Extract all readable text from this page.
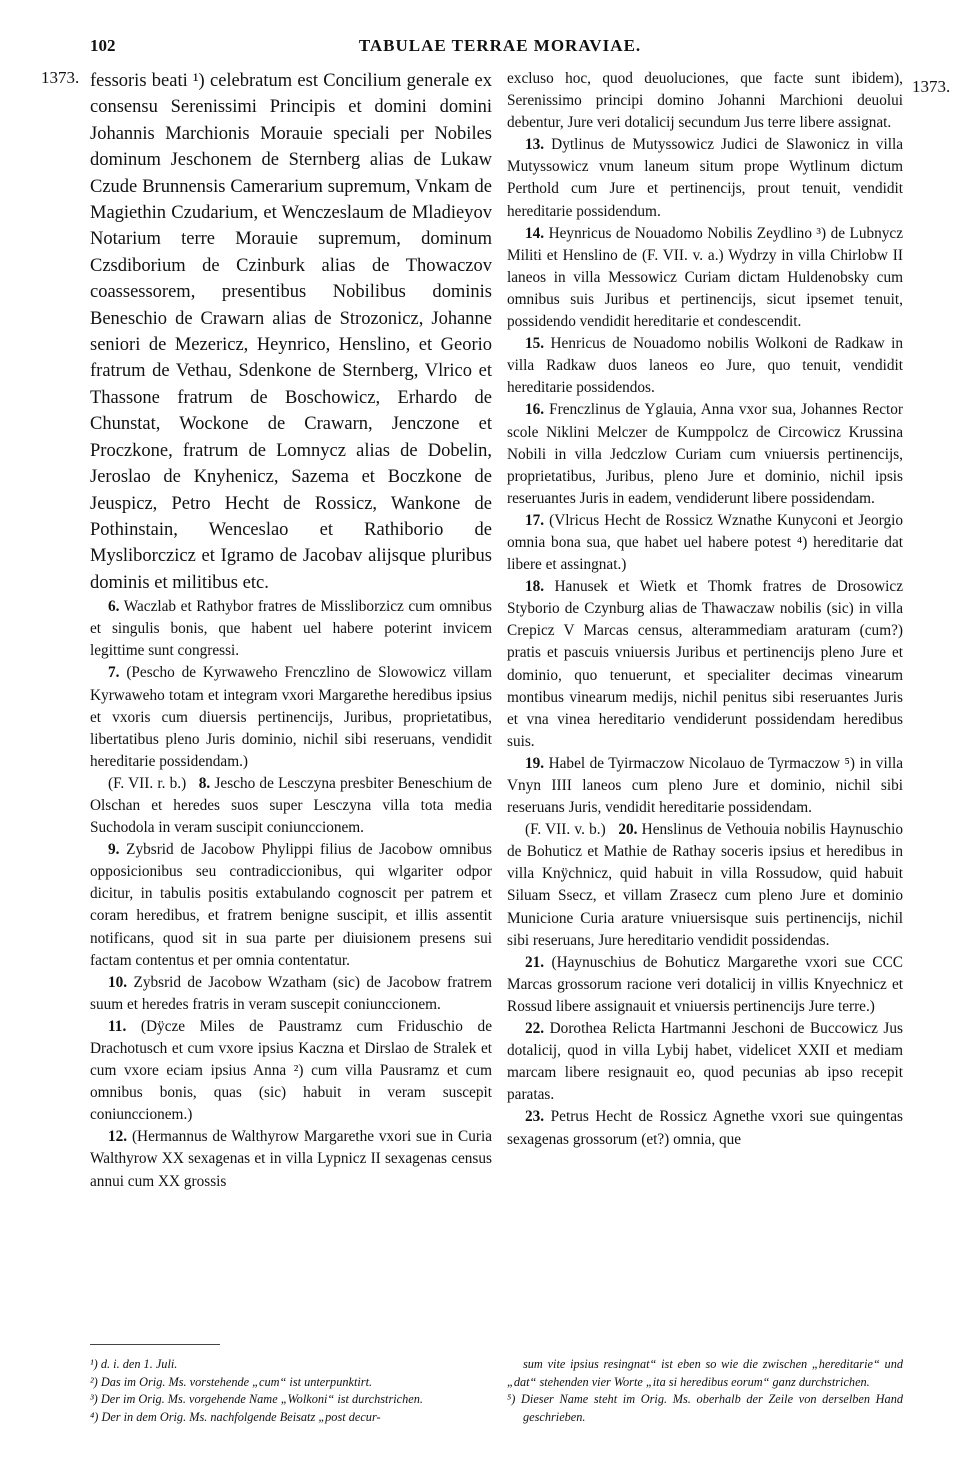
102	TABULAE TERRAE MORAVIAE.
1373.	1373.

fessoris beati ¹) celebratum est Concilium generale ex consensu Serenissimi Principis et domini domini Johannis Marchionis Morauie speciali per Nobiles dominum Jeschonem de Sternberg alias de Lukaw Czude Brunnensis Camerarium supremum, Vnkam de Magiethin Czudarium, et Wenczeslaum de Mladieyov Notarium terre Morauie supremum, dominum Czsdiborium de Czinburk alias de Thowaczov coassessorem, presentibus Nobilibus dominis Beneschio de Crawarn alias de Strozonicz, Johanne seniori de Mezericz, Heynrico, Henslino, et Georio fratrum de Vethau, Sdenkone de Sternberg, Vlrico et Thassone fratrum de Boschowicz, Erhardo de Chunstat, Wockone de Crawarn, Jenczone et Proczkone, fratrum de Lomnycz alias de Dobelin, Jeroslao de Knyhenicz, Sazema et Boczkone de Jeuspicz, Petro Hecht de Rossicz, Wankone de Pothinstain, Wenceslao et Rathiborio de Mysliborczicz et Igramo de Jacobav alijsque pluribus dominis et militibus etc.

6. Waczlab et Rathybor fratres de Missliborzicz cum omnibus et singulis bonis, que habent uel habere poterint invicem legittime sunt congressi.

7. (Pescho de Kyrwaweho Frenczlino de Slowowicz villam Kyrwaweho totam et integram vxori Margarethe heredibus ipsius et vxoris cum diuersis pertinencijs, Juribus, proprietatibus, libertatibus pleno Juris dominio, nichil sibi reseruans, vendidit hereditarie possidendam.)

(F. VII. r. b.) 8. Jescho de Lesczyna presbiter Beneschium de Olschan et heredes suos super Lesczyna villa tota media Suchodola in veram suscipit coniunccionem.

9. Zybsrid de Jacobow Phylippi filius de Jacobow omnibus opposicionibus seu contradiccionibus, qui wlgariter odpor dicitur, in tabulis positis extabulando cognoscit per patrem et coram heredibus, et fratrem benigne suscipit, et illis assentit notificans, quod sit in sua parte per diuisionem presens sui factam contentus et per omnia contentatur.

10. Zybsrid de Jacobow Wzatham (sic) de Jacobow fratrem suum et heredes fratris in veram suscepit coniunccionem.

11. (Dÿcze Miles de Paustramz cum Friduschio de Drachotusch et cum vxore ipsius Kaczna et Dirslao de Stralek et cum vxore eciam ipsius Anna ²) cum villa Pausramz et cum omnibus bonis, quas (sic) habuit in veram suscepit coniunccionem.)

12. (Hermannus de Walthyrow Margarethe vxori sue in Curia Walthyrow XX sexagenas et in villa Lypnicz II sexagenas census annui cum XX grossis

excluso hoc, quod deuoluciones, que facte sunt ibidem), Serenissimo principi domino Johanni Marchioni deuolui debentur, Jure veri dotalicij secundum Jus terre libere assignat.

13. Dytlinus de Mutyssowicz Judici de Slawonicz in villa Mutyssowicz vnum laneum situm prope Wytlinum dictum Perthold cum Jure et pertinencijs, prout tenuit, vendidit hereditarie possidendum.

14. Heynricus de Nouadomo Nobilis Zeydlino ³) de Lubnycz Militi et Henslino de (F. VII. v. a.) Wydrzy in villa Chirlobw II laneos in villa Messowicz Curiam dictam Huldenobsky cum omnibus suis Juribus et pertinencijs, sicut ipsemet tenuit, possidendo vendidit hereditarie et condescendit.

15. Henricus de Nouadomo nobilis Wolkoni de Radkaw in villa Radkaw duos laneos eo Jure, quo tenuit, vendidit hereditarie possidendos.

16. Frenczlinus de Yglauia, Anna vxor sua, Johannes Rector scole Niklini Melczer de Kumppolcz de Circowicz Krussina Nobili in villa Jedczlow Curiam cum vniuersis pertinencijs, proprietatibus, Juribus, pleno Jure et dominio, nichil ipsis reseruantes Juris in eadem, vendiderunt libere possidendam.

17. (Vlricus Hecht de Rossicz Wznathe Kunyconi et Jeorgio omnia bona sua, que habet uel habere potest ⁴) hereditarie dat libere et assingnat.)

18. Hanusek et Wietk et Thomk fratres de Drosowicz Styborio de Czynburg alias de Thawaczaw nobilis (sic) in villa Crepicz V Marcas census, alterammediam araturam (cum?) pratis et pascuis vniuersis Juribus et pertinencijs pleno Jure et dominio, quo tenuerunt, et specialiter decimas vinearum montibus vinearum medijs, nichil penitus sibi reseruantes Juris et vna vinea hereditario vendiderunt possidendam heredibus suis.

19. Habel de Tyirmaczow Nicolauo de Tyrmaczow ⁵) in villa Vnyn IIII laneos cum pleno Jure et dominio, nichil sibi reseruans Juris, vendidit hereditarie possidendam.

(F. VII. v. b.) 20. Henslinus de Vethouia nobilis Haynuschio de Bohuticz et Mathie de Rathay soceris ipsius et heredibus in villa Knÿchnicz, quid habuit in villa Rossudow, quid habuit Siluam Ssecz, et villam Zrasecz cum pleno Jure et dominio Municione Curia arature vniuersisque suis pertinencijs, nichil sibi reseruans, Jure hereditario vendidit possidendas.

21. (Haynuschius de Bohuticz Margarethe vxori sue CCC Marcas grossorum racione veri dotalicij in villis Knyechnicz et Rossud libere assignauit et vniuersis pertinencijs Jure terre.)

22. Dorothea Relicta Hartmanni Jeschoni de Buccowicz Jus dotalicij, quod in villa Lybij habet, videlicet XXII et mediam marcam libere resignauit eo, quod pecunias ab ipso recepit paratas.

23. Petrus Hecht de Rossicz Agnethe vxori sue quingentas sexagenas grossorum (et?) omnia, que

¹) d. i. den 1. Juli.

²) Das im Orig. Ms. vorstehende „cum“ ist unterpunktirt.

³) Der im Orig. Ms. vorgehende Name „Wolkoni“ ist durchstrichen.

⁴) Der in dem Orig. Ms. nachfolgende Beisatz „post decur-

sum vite ipsius resingnat“ ist eben so wie die zwischen „hereditarie“ und „dat“ stehenden vier Worte „ita si heredibus eorum“ ganz durchstrichen.

⁵) Dieser Name steht im Orig. Ms. oberhalb der Zeile von derselben Hand geschrieben.
